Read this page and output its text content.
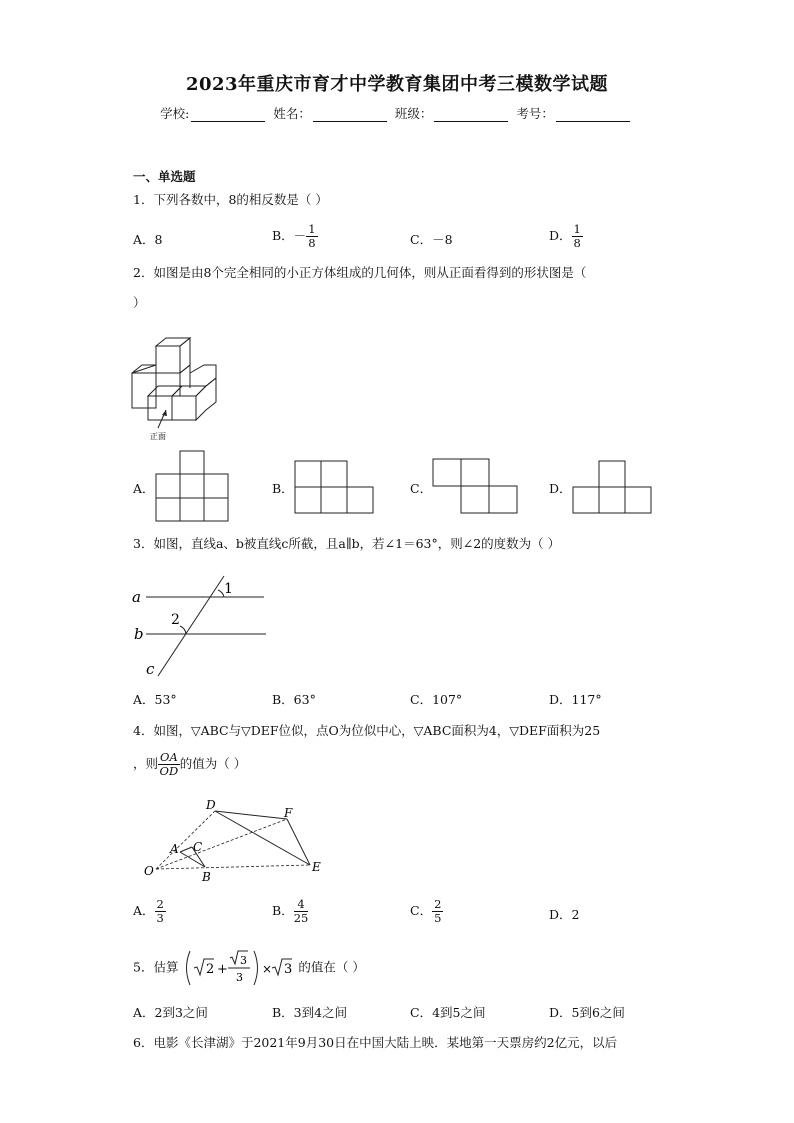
2023年重庆市育才中学教育集团中考三模数学试题
学校:	姓名：	班级：	考号：
一、单选题
1．下列各数中，8的相反数是（ ）
A．8	B．－ $\frac{1}{8}$	C．－8	D． $\frac{1}{8}$
2．如图是由8个完全相同的小正方体组成的几何体，则从正面看得到的形状图是（
）
正面
A．	B．	C．	D．
3．如图，直线a、b被直线c所截，且a∥b，若∠1＝63°，则∠2的度数为（ ）
a
b
c
1
2
A．53°	B．63°	C．107°	D．117°
4．如图，▽ABC与▽DEF位似，点O为位似中心，▽ABC面积为4，▽DEF面积为25
，则 $\frac{OA}{OD}$ 的值为（ ）
O
A C
B
D
F
E
A． $\frac{2}{3}$	B． $\frac{4}{25}$	C． $\frac{2}{5}$	D．2
5．估算 2 +
3
3
× 3 的值在（ ）
A．2到3之间	B．3到4之间	C．4到5之间	D．5到6之间
6．电影《长津湖》于2021年9月30日在中国大陆上映．某地第一天票房约2亿元，以后
